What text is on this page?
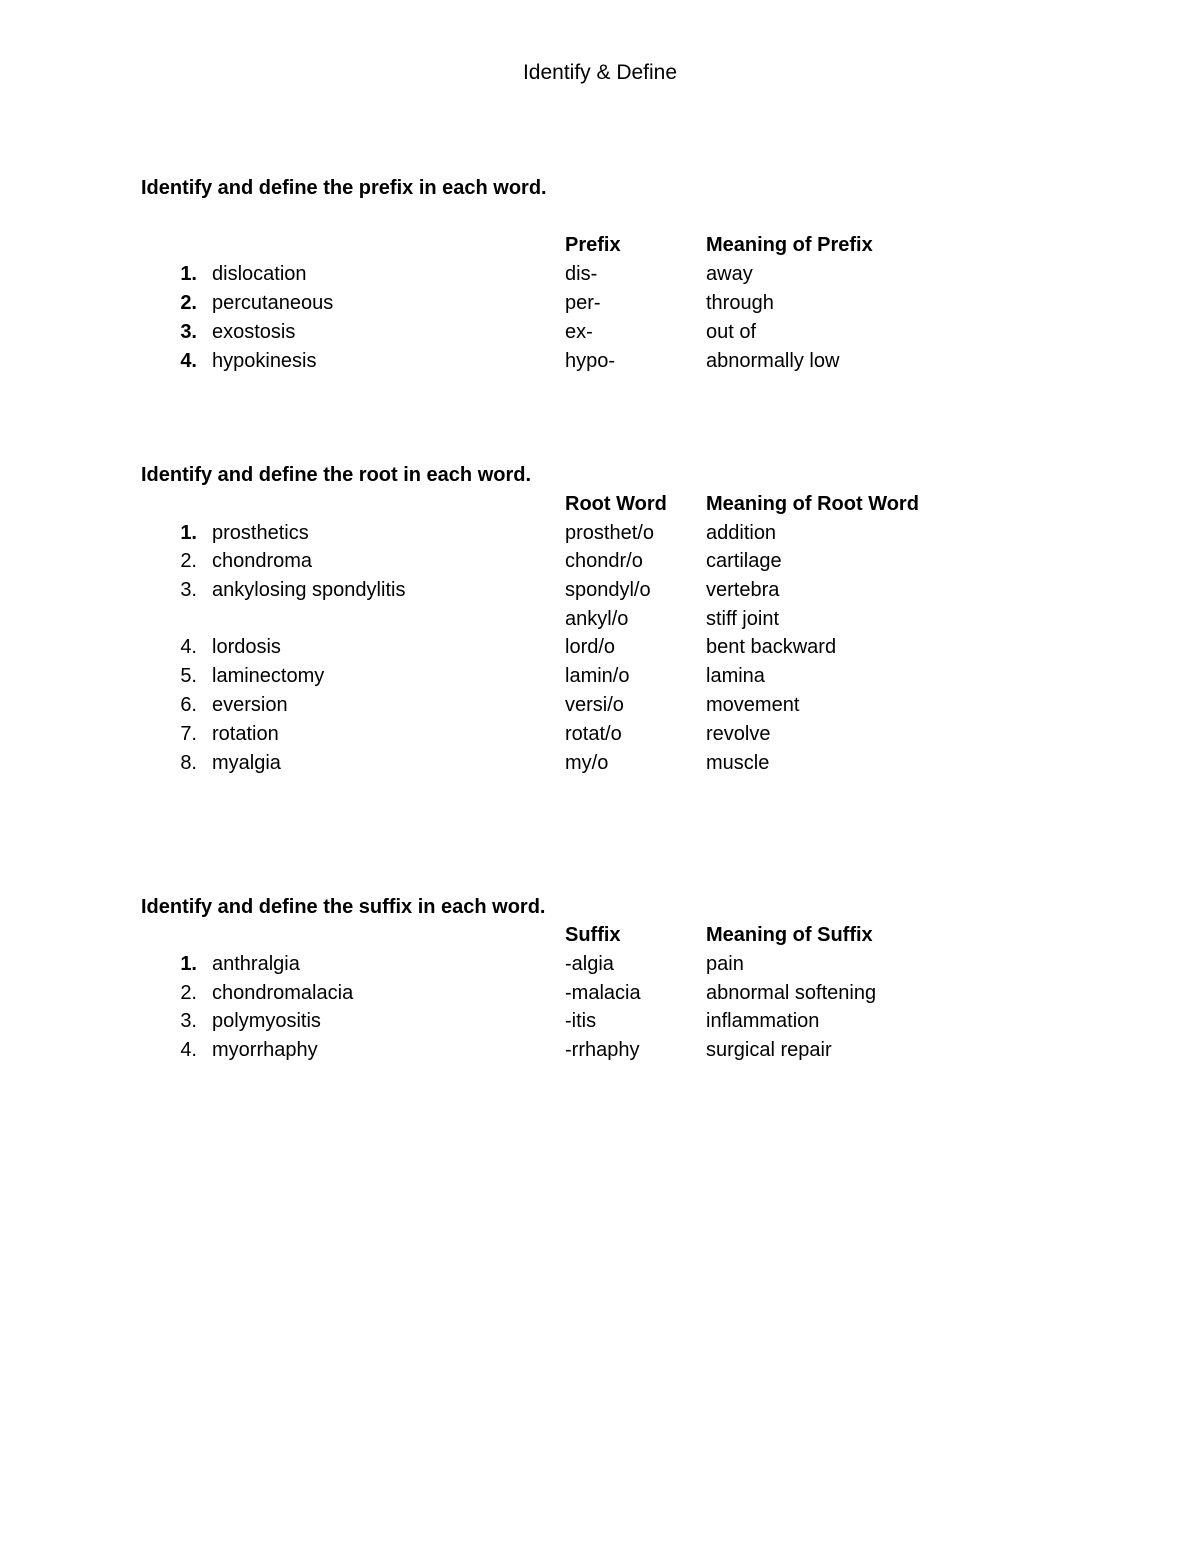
Identify & Define
Identify and define the prefix in each word.
Prefix	Meaning of Prefix
1. dislocation	dis-	away
2. percutaneous	per-	through
3. exostosis	ex-	out of
4. hypokinesis	hypo-	abnormally low
Identify and define the root in each word.
Root Word Meaning of Root Word
1. prosthetics	prosthet/o	addition
2. chondroma	chondr/o	cartilage
3. ankylosing spondylitis	spondyl/o	vertebra
ankyl/o	stiff joint
4. lordosis	lord/o	bent backward
5. laminectomy	lamin/o	lamina
6. eversion	versi/o	movement
7. rotation	rotat/o	revolve
8. myalgia	my/o	muscle
Identify and define the suffix in each word.
Suffix	Meaning of Suffix
1. anthralgia	-algia	pain
2. chondromalacia	-malacia	abnormal softening
3. polymyositis	-itis	inflammation
4. myorrhaphy	-rrhaphy	surgical repair
